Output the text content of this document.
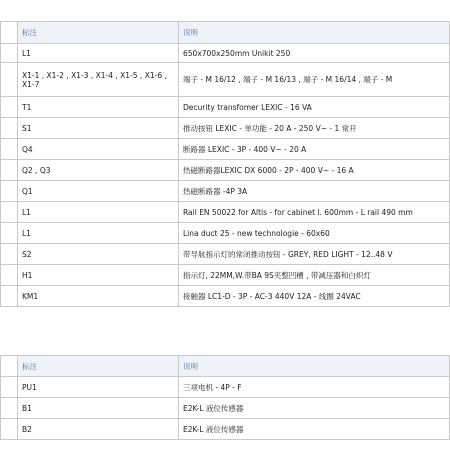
	标注	说明
	L1	650x700x250mm Unikit 250
	X1-1 , X1-2 , X1-3 , X1-4 , X1-5 , X1-6 , X1-7	端子 - M 16/12 , 端子 - M 16/13 , 端子 - M 16/14 , 端子 - M
	T1	Decurity transfomer LEXIC - 16 VA
	S1	推动按钮 LEXIC - 单功能 - 20 A - 250 V~ - 1 常开
	Q4	断路器 LEXIC - 3P - 400 V~ - 20 A
	Q2 , Q3	热磁断路器LEXIC DX 6000 - 2P - 400 V~ - 16 A
	Q1	热磁断路器 -4P 3A
	L1	Rail EN 50022 for Altis - for cabinet l. 600mm - L rail 490 mm
	L1	Lina duct 25 - new technologie - 60x60
	S2	带导航指示灯的常闭推动按钮 - GREY, RED LIGHT - 12..48 V
	H1	指示灯, 22MM,W.带BA 9S夹整凹槽 , 带减压器和白炽灯
	KM1	接触器 LC1-D - 3P - AC-3 440V 12A - 线圈 24VAC
	标注	说明
	PU1	三项电机 - 4P - F
	B1	E2K-L 液位传感器
	B2	E2K-L 液位传感器
